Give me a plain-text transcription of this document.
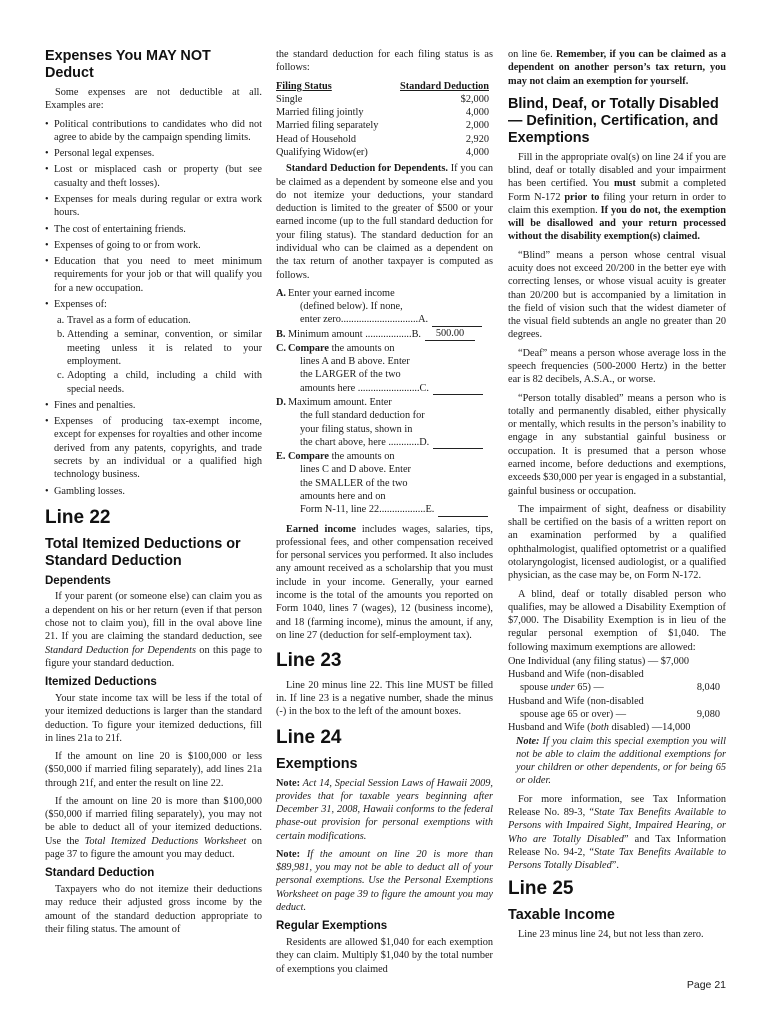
Expenses You MAY NOT Deduct

Some expenses are not deductible at all. Examples are:

• Political contributions to candidates who did not agree to abide by the campaign spending limits.
• Personal legal expenses.
• Lost or misplaced cash or property (but see casualty and theft losses).
• Expenses for meals during regular or extra work hours.
• The cost of entertaining friends.
• Expenses of going to or from work.
• Education that you need to meet minimum requirements for your job or that will qualify you for a new occupation.
• Expenses of:
a. Travel as a form of education.
b. Attending a seminar, convention, or similar meeting unless it is related to your employment.
c. Adopting a child, including a child with special needs.
• Fines and penalties.
• Expenses of producing tax-exempt income, except for expenses for royalties and other income derived from any patents, copyrights, and trade secrets by an individual or a qualified high technology business.
• Gambling losses.
Line 22
Total Itemized Deductions or Standard Deduction
Dependents

If your parent (or someone else) can claim you as a dependent on his or her return (even if that person chose not to claim you), fill in the oval above line 21. If you are claiming the standard deduction, see Standard Deduction for Dependents on this page to figure your standard deduction.

Itemized Deductions

Your state income tax will be less if the total of your itemized deductions is larger than the standard deduction. To figure your itemized deductions, fill in lines 21a to 21f.

If the amount on line 20 is $100,000 or less ($50,000 if married filing separately), add lines 21a through 21f, and enter the result on line 22.

If the amount on line 20 is more than $100,000 ($50,000 if married filing separately), you may not be able to deduct all of your itemized deductions. Use the Total Itemized Deductions Worksheet on page 37 to figure the amount you may deduct.

Standard Deduction

Taxpayers who do not itemize their deductions may reduce their adjusted gross income by the amount of the standard deduction appropriate to their filing status. The amount of

the standard deduction for each filing status is as follows:

Filing Status	Standard Deduction
Single	$2,000
Married filing jointly	4,000
Married filing separately	2,000
Head of Household	2,920
Qualifying Widow(er)	4,000

Standard Deduction for Dependents. If you can be claimed as a dependent by someone else and you do not itemize your deductions, your standard deduction is limited to the greater of $500 or your earned income (up to the full standard deduction for your filing status). The standard deduction for an individual who can be claimed as a dependent on the tax return of another taxpayer is computed as follows.

A. Enter your earned income
(defined below). If none,
enter zero..............................A.
B. Minimum amount ..................B.	500.00
C. Compare the amounts on
lines A and B above. Enter
the LARGER of the two
amounts here ........................C.
D. Maximum amount. Enter
the full standard deduction for
your filing status, shown in
the chart above, here ............D.
E. Compare the amounts on
lines C and D above. Enter
the SMALLER of the two
amounts here and on
Form N-11, line 22..................E.

Earned income includes wages, salaries, tips, professional fees, and other compensation received for personal services you performed. It also includes any amount received as a scholarship that you must include in your income. Generally, your earned income is the total of the amounts you reported on Form 1040, lines 7 (wages), 12 (business income), and 18 (farming income), minus the amount, if any, on line 27 (deduction for self-employment tax).

Line 23

Line 20 minus line 22. This line MUST be filled in. If line 23 is a negative number, shade the minus (-) in the box to the left of the amount boxes.

Line 24
Exemptions

Note: Act 14, Special Session Laws of Hawaii 2009, provides that for taxable years beginning after December 31, 2008, Hawaii conforms to the federal phase-out provision for personal exemptions with certain modifications.

Note: If the amount on line 20 is more than $89,981, you may not be able to deduct all of your personal exemptions. Use the Personal Exemptions Worksheet on page 39 to figure the amount you may deduct.

Regular Exemptions

Residents are allowed $1,040 for each exemption they can claim. Multiply $1,040 by the total number of exemptions you claimed

on line 6e. Remember, if you can be claimed as a dependent on another person’s tax return, you may not claim an exemption for yourself.

Blind, Deaf, or Totally Disabled — Definition, Certification, and Exemptions

Fill in the appropriate oval(s) on line 24 if you are blind, deaf or totally disabled and your impairment has been certified. You must submit a completed Form N-172 prior to filing your return in order to claim this exemption. If you do not, the exemption will be disallowed and your return processed without the disability exemption(s) claimed.

“Blind” means a person whose central visual acuity does not exceed 20/200 in the better eye with correcting lenses, or whose visual acuity is greater than 20/200 but is accompanied by a limitation in the field of vision such that the widest diameter of the visual field subtends an angle no greater than 20 degrees.

“Deaf” means a person whose average loss in the speech frequencies (500-2000 Hertz) in the better ear is 82 decibels, A.S.A., or worse.

“Person totally disabled” means a person who is totally and permanently disabled, either physically or mentally, which results in the person’s inability to engage in any substantial gainful business or occupation. It is presumed that a person whose earned income, before deductions and exemptions, exceeds $30,000 per year is engaged in a substantial, gainful business or occupation.

The impairment of sight, deafness or disability shall be certified on the basis of a written report on an examination performed by a qualified ophthalmologist, qualified optometrist or a qualified otolaryngologist, licensed audiologist, or a qualified physician, as the case may be, on Form N-172.

A blind, deaf or totally disabled person who qualifies, may be allowed a Disability Exemption of $7,000. The Disability Exemption is in lieu of the regular personal exemption of $1,040. The following maximum exemptions are allowed:

One Individual (any filing status) — $7,000
Husband and Wife (non-disabled
spouse under 65) —	8,040
Husband and Wife (non-disabled
spouse age 65 or over) —	9,080
Husband and Wife (both disabled) —14,000

Note: If you claim this special exemption you will not be able to claim the additional exemptions for your children or other dependents, or for being 65 or older.

For more information, see Tax Information Release No. 89-3, “State Tax Benefits Available to Persons with Impaired Sight, Impaired Hearing, or Who are Totally Disabled” and Tax Information Release No. 94-2, “State Tax Benefits Available to Persons Totally Disabled”.

Line 25
Taxable Income

Line 23 minus line 24, but not less than zero.

Page 21
